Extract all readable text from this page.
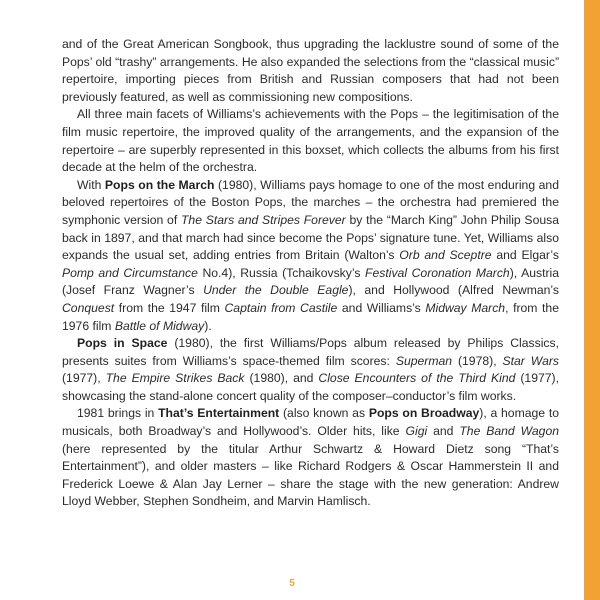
and of the Great American Songbook, thus upgrading the lacklustre sound of some of the Pops’ old “trashy” arrangements. He also expanded the selections from the “classical music” repertoire, importing pieces from British and Russian composers that had not been previously featured, as well as commissioning new compositions.

All three main facets of Williams’s achievements with the Pops – the legitimisation of the film music repertoire, the improved quality of the arrangements, and the expansion of the repertoire – are superbly represented in this boxset, which collects the albums from his first decade at the helm of the orchestra.

With Pops on the March (1980), Williams pays homage to one of the most enduring and beloved repertoires of the Boston Pops, the marches – the orchestra had premiered the symphonic version of The Stars and Stripes Forever by the “March King” John Philip Sousa back in 1897, and that march had since become the Pops’ signature tune. Yet, Williams also expands the usual set, adding entries from Britain (Walton’s Orb and Sceptre and Elgar’s Pomp and Circumstance No.4), Russia (Tchaikovsky’s Festival Coronation March), Austria (Josef Franz Wagner’s Under the Double Eagle), and Hollywood (Alfred Newman’s Conquest from the 1947 film Captain from Castile and Williams’s Midway March, from the 1976 film Battle of Midway).

Pops in Space (1980), the first Williams/Pops album released by Philips Classics, presents suites from Williams’s space-themed film scores: Superman (1978), Star Wars (1977), The Empire Strikes Back (1980), and Close Encounters of the Third Kind (1977), showcasing the stand-alone concert quality of the composer–conductor’s film works.

1981 brings in That’s Entertainment (also known as Pops on Broadway), a homage to musicals, both Broadway’s and Hollywood’s. Older hits, like Gigi and The Band Wagon (here represented by the titular Arthur Schwartz & Howard Dietz song “That’s Entertainment”), and older masters – like Richard Rodgers & Oscar Hammerstein II and Frederick Loewe & Alan Jay Lerner – share the stage with the new generation: Andrew Lloyd Webber, Stephen Sondheim, and Marvin Hamlisch.

5
